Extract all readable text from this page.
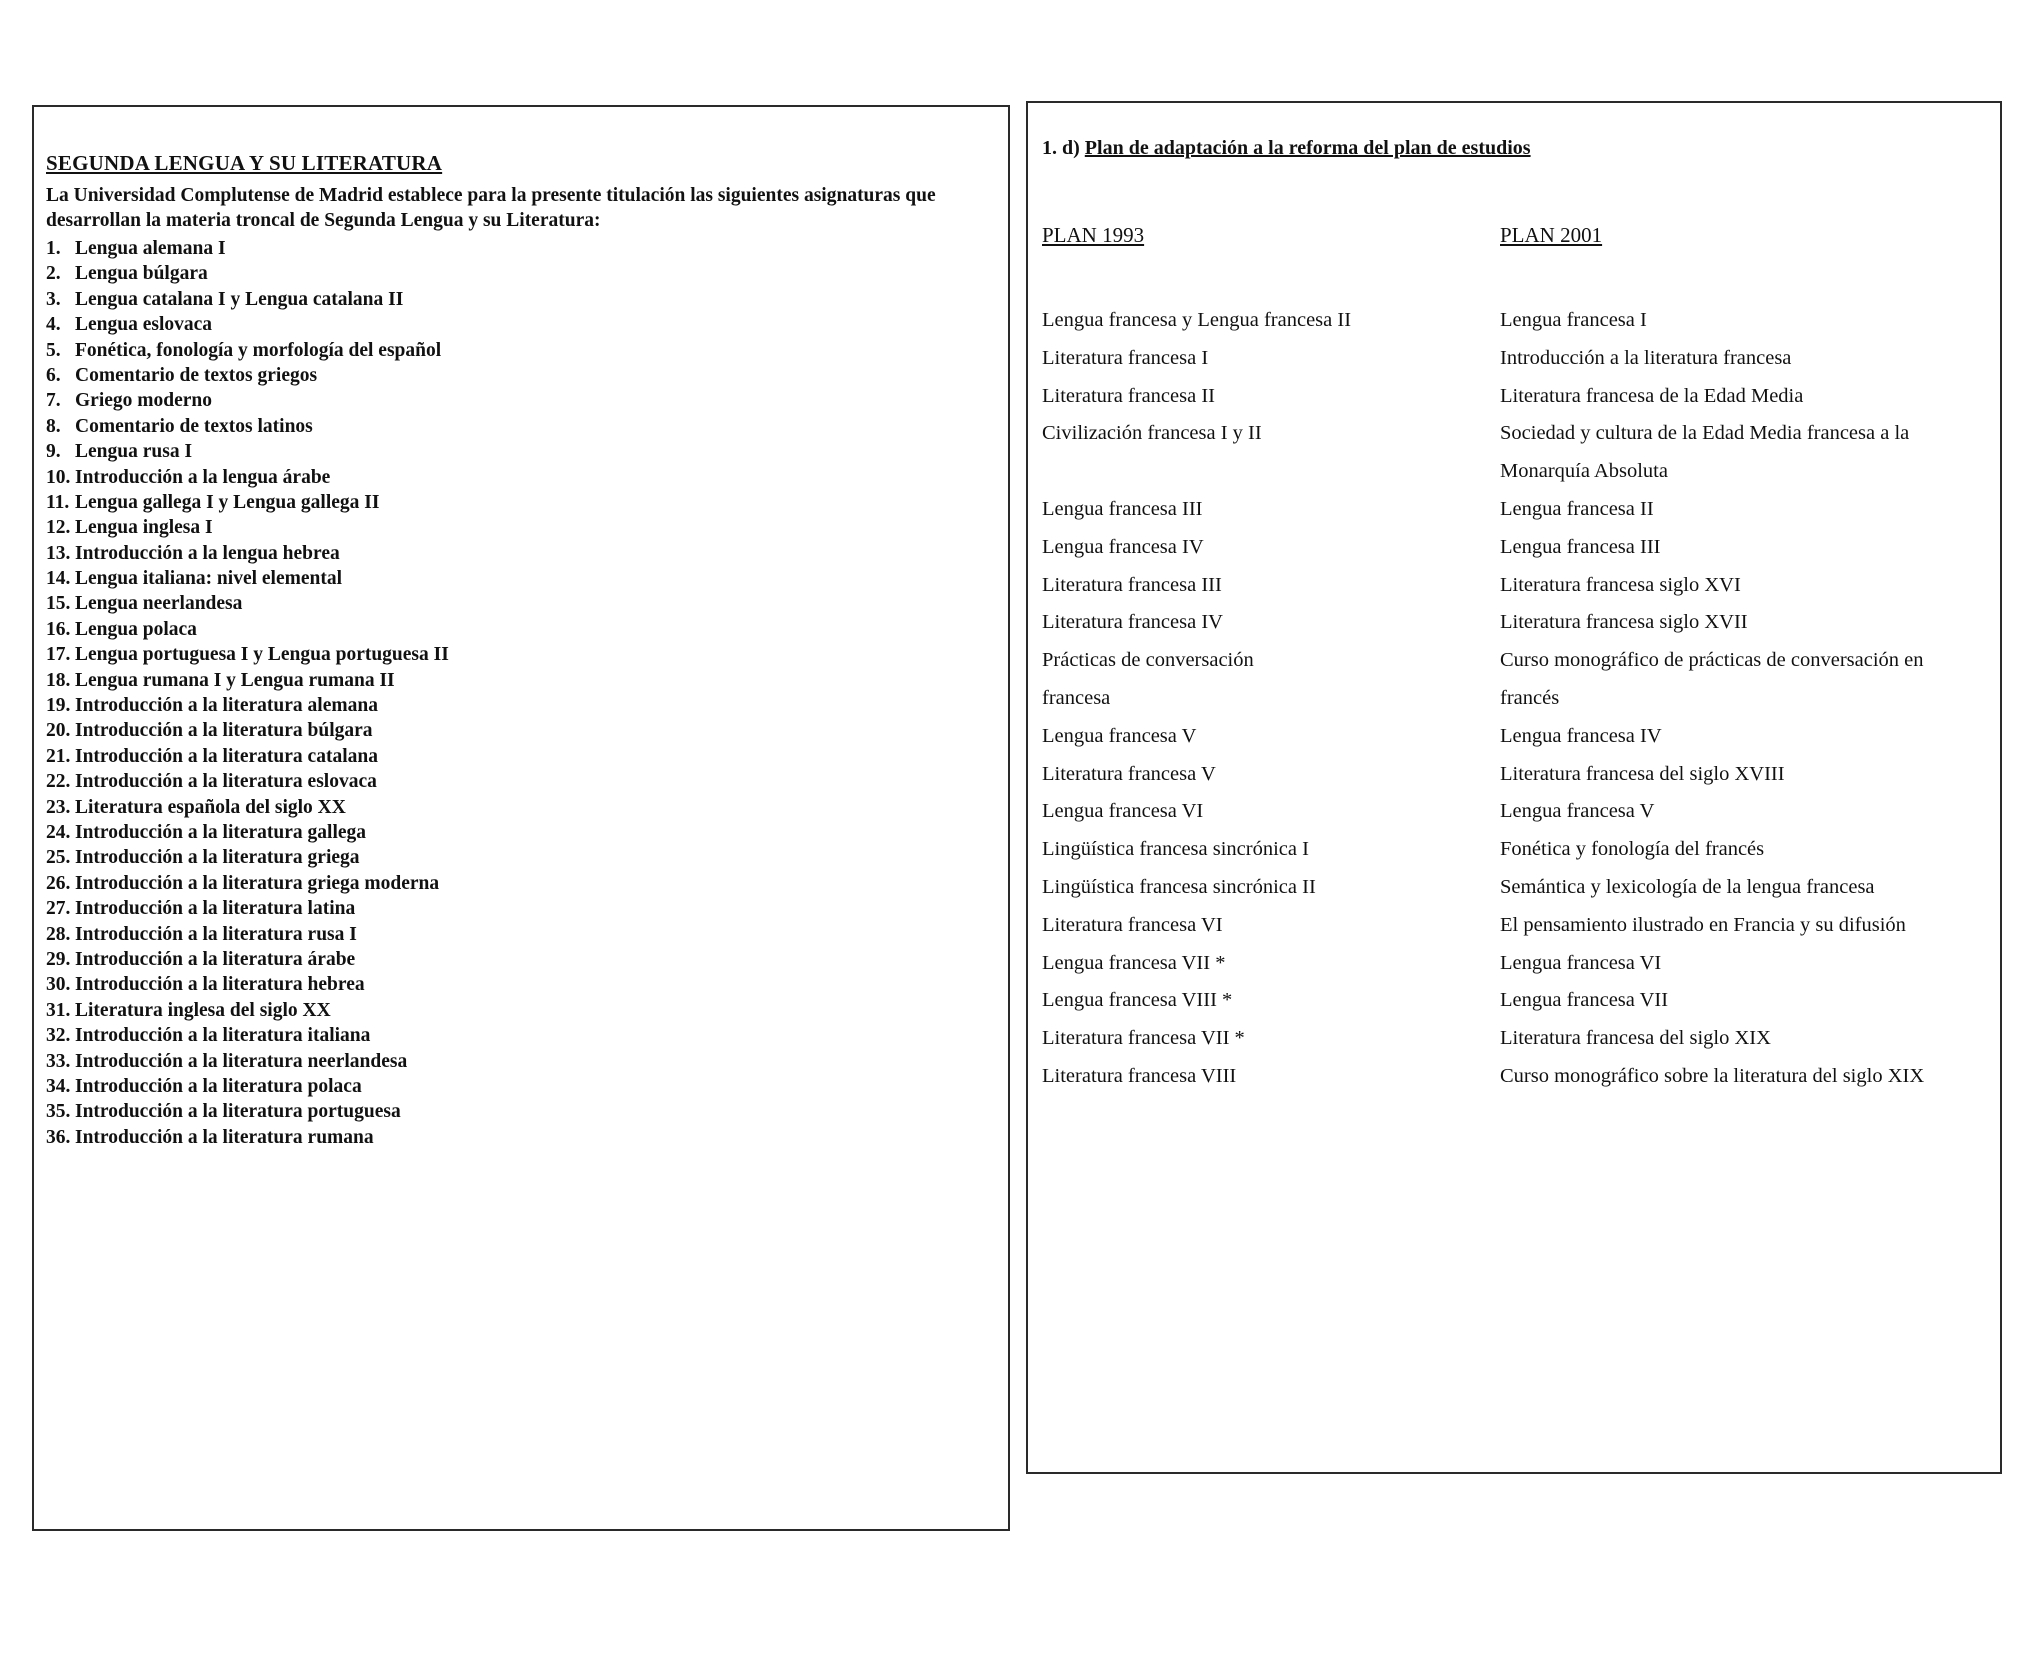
SEGUNDA LENGUA Y SU LITERATURA
La Universidad Complutense de Madrid establece para la presente titulación las siguientes asignaturas que desarrollan la materia troncal de Segunda Lengua y su Literatura:
1. Lengua alemana I
2. Lengua búlgara
3. Lengua catalana I y Lengua catalana II
4. Lengua eslovaca
5. Fonética, fonología y morfología del español
6. Comentario de textos griegos
7. Griego moderno
8. Comentario de textos latinos
9. Lengua rusa I
10. Introducción a la lengua árabe
11. Lengua gallega I y Lengua gallega II
12. Lengua inglesa I
13. Introducción a la lengua hebrea
14. Lengua italiana: nivel elemental
15. Lengua neerlandesa
16. Lengua polaca
17. Lengua portuguesa I y Lengua portuguesa II
18. Lengua rumana I y Lengua rumana II
19. Introducción a la literatura alemana
20. Introducción a la literatura búlgara
21. Introducción a la literatura catalana
22. Introducción a la literatura eslovaca
23. Literatura española del siglo XX
24. Introducción a la literatura gallega
25. Introducción a la literatura griega
26. Introducción a la literatura griega moderna
27. Introducción a la literatura latina
28. Introducción a la literatura rusa I
29. Introducción a la literatura árabe
30. Introducción a la literatura hebrea
31. Literatura inglesa del siglo XX
32. Introducción a la literatura italiana
33. Introducción a la literatura neerlandesa
34. Introducción a la literatura polaca
35. Introducción a la literatura portuguesa
36. Introducción a la literatura rumana
1. d) Plan de adaptación a la reforma del plan de estudios
PLAN 1993	PLAN 2001
Lengua francesa y Lengua francesa II	Lengua francesa I
Literatura francesa I	Introducción a la literatura francesa
Literatura francesa II	Literatura francesa de la Edad Media
Civilización francesa I y II	Sociedad y cultura de la Edad Media francesa a la

Monarquía Absoluta
Lengua francesa III	Lengua francesa II
Lengua francesa IV	Lengua francesa III
Literatura francesa III	Literatura francesa siglo XVI
Literatura francesa IV	Literatura francesa siglo XVII
Prácticas de conversación	Curso monográfico de prácticas de conversación en
francesa	francés
Lengua francesa V	Lengua francesa IV
Literatura francesa V	Literatura francesa del siglo XVIII
Lengua francesa VI	Lengua francesa V
Lingüística francesa sincrónica I	Fonética y fonología del francés
Lingüística francesa sincrónica II	Semántica y lexicología de la lengua francesa
Literatura francesa VI	El pensamiento ilustrado en Francia y su difusión
Lengua francesa VII *	Lengua francesa VI
Lengua francesa VIII *	Lengua francesa VII
Literatura francesa VII *	Literatura francesa del siglo XIX
Literatura francesa VIII	Curso monográfico sobre la literatura del siglo XIX
